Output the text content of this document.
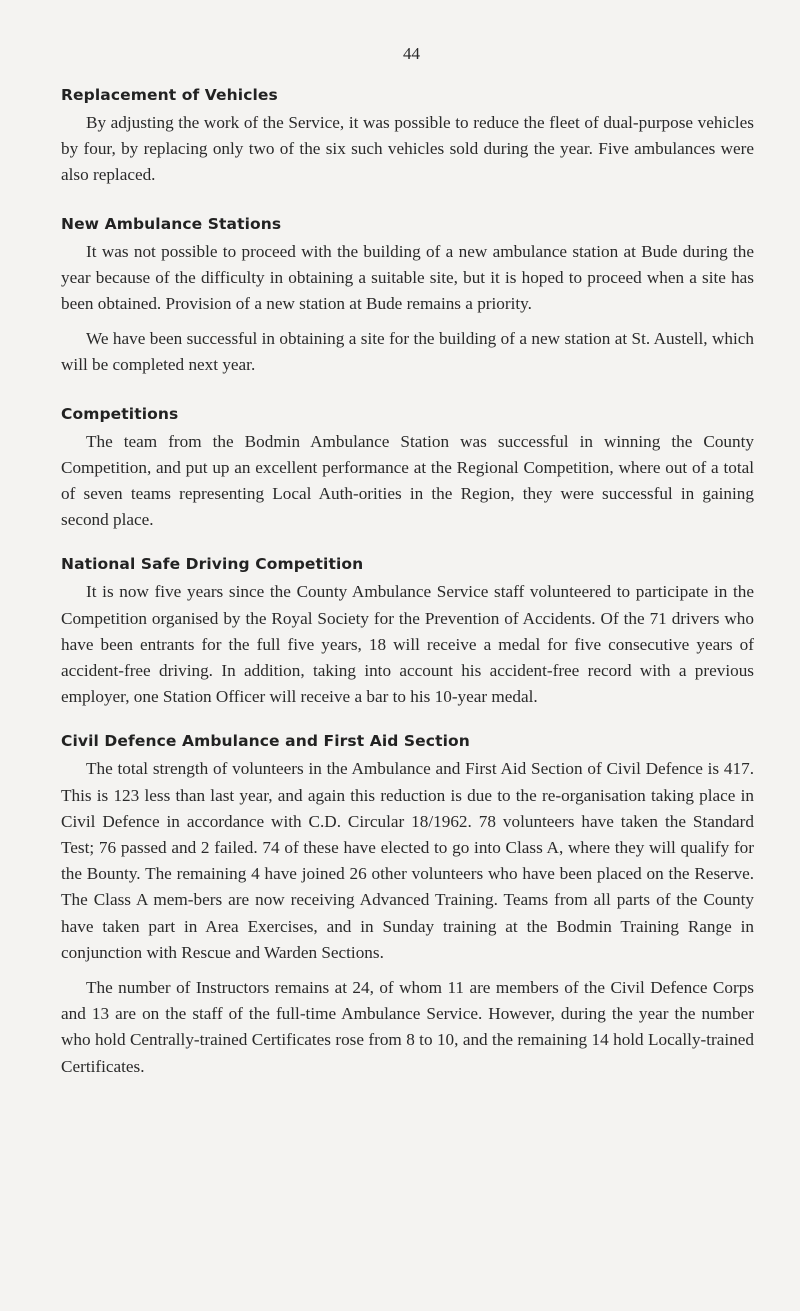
44
Replacement of Vehicles

By adjusting the work of the Service, it was possible to reduce the fleet of dual-purpose vehicles by four, by replacing only two of the six such vehicles sold during the year. Five ambulances were also replaced.

New Ambulance Stations

It was not possible to proceed with the building of a new ambulance station at Bude during the year because of the difficulty in obtaining a suitable site, but it is hoped to proceed when a site has been obtained. Provision of a new station at Bude remains a priority.

We have been successful in obtaining a site for the building of a new station at St. Austell, which will be completed next year.

Competitions

The team from the Bodmin Ambulance Station was successful in winning the County Competition, and put up an excellent performance at the Regional Competition, where out of a total of seven teams representing Local Auth-orities in the Region, they were successful in gaining second place.

National Safe Driving Competition

It is now five years since the County Ambulance Service staff volunteered to participate in the Competition organised by the Royal Society for the Prevention of Accidents. Of the 71 drivers who have been entrants for the full five years, 18 will receive a medal for five consecutive years of accident-free driving. In addition, taking into account his accident-free record with a previous employer, one Station Officer will receive a bar to his 10-year medal.

Civil Defence Ambulance and First Aid Section

The total strength of volunteers in the Ambulance and First Aid Section of Civil Defence is 417. This is 123 less than last year, and again this reduction is due to the re-organisation taking place in Civil Defence in accordance with C.D. Circular 18/1962. 78 volunteers have taken the Standard Test; 76 passed and 2 failed. 74 of these have elected to go into Class A, where they will qualify for the Bounty. The remaining 4 have joined 26 other volunteers who have been placed on the Reserve. The Class A mem-bers are now receiving Advanced Training. Teams from all parts of the County have taken part in Area Exercises, and in Sunday training at the Bodmin Training Range in conjunction with Rescue and Warden Sections.

The number of Instructors remains at 24, of whom 11 are members of the Civil Defence Corps and 13 are on the staff of the full-time Ambulance Service. However, during the year the number who hold Centrally-trained Certificates rose from 8 to 10, and the remaining 14 hold Locally-trained Certificates.
